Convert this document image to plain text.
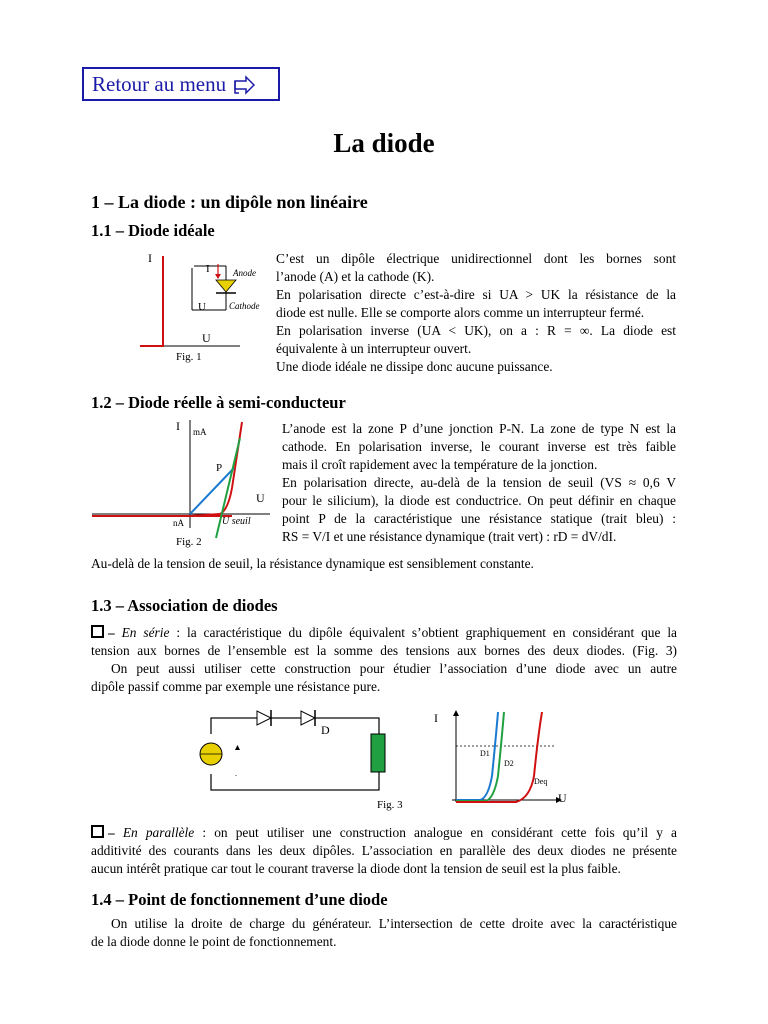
Retour au menu
La diode
1 – La diode : un dipôle non linéaire
1.1 – Diode idéale
I
U
Fig. 1
I
U
Anode
Cathode
C’est un dipôle électrique unidirectionnel dont les bornes sont
l’anode (A) et la cathode (K).
En polarisation directe c’est-à-dire si UA > UK la résistance de la
diode est nulle. Elle se comporte alors comme un interrupteur fermé.
En polarisation inverse (UA < UK), on a : R = ∞. La diode est
équivalente à un interrupteur ouvert.
Une diode idéale ne dissipe donc aucune puissance.
1.2 – Diode réelle à semi-conducteur
I mA
P
U
nA	U seuil
Fig. 2
L’anode est la zone P d’une jonction P-N. La zone de type N est la
cathode. En polarisation inverse, le courant inverse est très faible
mais il croît rapidement avec la température de la jonction.
En polarisation directe, au-delà de la tension de seuil (VS ≈ 0,6 V
pour le silicium), la diode est conductrice. On peut définir en chaque
point P de la caractéristique une résistance statique (trait bleu) :
RS = V/I et une résistance dynamique (trait vert) : rD = dV/dI.
Au-delà de la tension de seuil, la résistance dynamique est sensiblement constante.
1.3 – Association de diodes
– En série : la caractéristique du dipôle équivalent s’obtient graphiquement en considérant que la
tension aux bornes de l’ensemble est la somme des tensions aux bornes des deux diodes. (Fig. 3)
On peut aussi utiliser cette construction pour étudier l’association d’une diode avec un autre
dipôle passif comme par exemple une résistance pure.
.
D
Fig. 3
I
U
D1
D2
Deq
– En parallèle : on peut utiliser une construction analogue en considérant cette fois qu’il y a
additivité des courants dans les deux dipôles. L’association en parallèle des deux diodes ne présente
aucun intérêt pratique car tout le courant traverse la diode dont la tension de seuil est la plus faible.
1.4 – Point de fonctionnement d’une diode
On utilise la droite de charge du générateur. L’intersection de cette droite avec la caractéristique
de la diode donne le point de fonctionnement.
